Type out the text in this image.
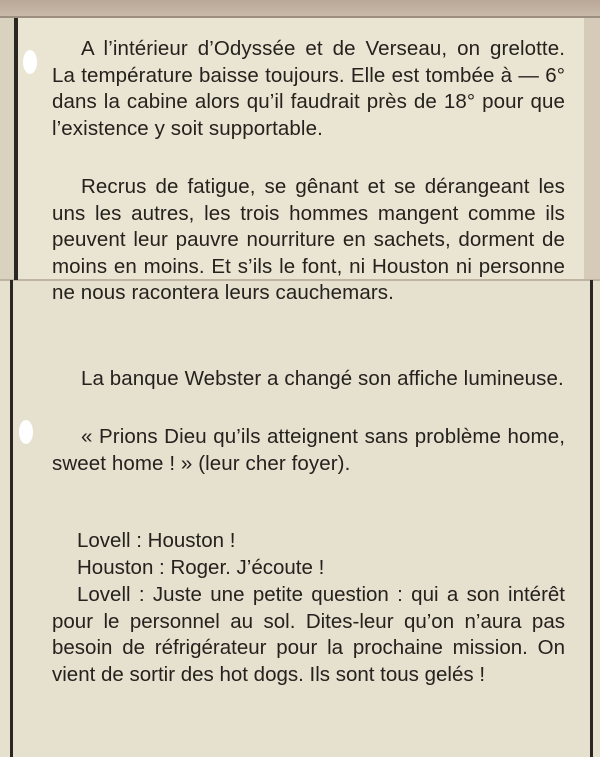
A l’intérieur d’Odyssée et de Verseau, on grelotte. La température baisse toujours. Elle est tombée à — 6° dans la cabine alors qu’il faudrait près de 18° pour que l’existence y soit supportable.

Recrus de fatigue, se gênant et se dérangeant les uns les autres, les trois hommes mangent comme ils peuvent leur pauvre nourriture en sachets, dorment de moins en moins. Et s’ils le font, ni Houston ni personne ne nous racontera leurs cauchemars.

La banque Webster a changé son affiche lumineuse.

« Prions Dieu qu’ils atteignent sans problème home, sweet home ! » (leur cher foyer).

Lovell : Houston !

Houston : Roger. J’écoute !

Lovell : Juste une petite question : qui a son intérêt pour le personnel au sol. Dites-leur qu’on n’aura pas besoin de réfrigérateur pour la prochaine mission. On vient de sortir des hot dogs. Ils sont tous gelés !
